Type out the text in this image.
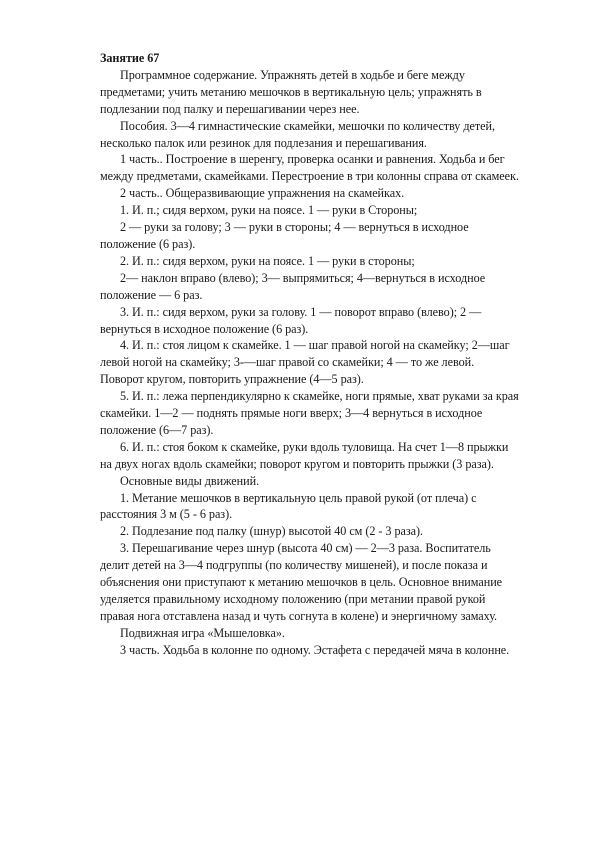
Занятие 67

Программное содержание. Упражнять детей в ходьбе и беге между предметами; учить метанию мешочков в вертикальную цель; упражнять в подлезании под палку и перешагивании через нее.

Пособия. 3—4 гимнастические скамейки, мешочки по количеству детей, несколько палок или резинок для подлезания и перешагивания.

1 часть.. Построение в шеренгу, проверка осанки и равнения. Ходьба и бег между предметами, скамейками. Перестроение в три колонны справа от скамеек.

2 часть.. Общеразвивающие упражнения на скамейках.

1. И. п.; сидя верхом, руки на поясе. 1 — руки в Стороны;

2 — руки за голову; 3 — руки в стороны; 4 — вернуться в исходное положение (6 раз).

2. И. п.: сидя верхом, руки на поясе. 1 — руки в стороны;

2— наклон вправо (влево); 3— выпрямиться; 4—вернуться в исходное положение — 6 раз.

3. И. п.: сидя верхом, руки за голову. 1 — поворот вправо (влево); 2 — вернуться в исходное положение (6 раз).

4. И. п.: стоя лицом к скамейке. 1 — шаг правой ногой на скамейку; 2—шаг левой ногой на скамейку; 3-—шаг правой со скамейки; 4 — то же левой. Поворот кругом, повторить упражнение (4—5 раз).

5. И. п.: лежа перпендикулярно к скамейке, ноги прямые, хват руками за края скамейки. 1—2 — поднять прямые ноги вверх; 3—4 вернуться в исходное положение (6—7 раз).

6. И. п.: стоя боком к скамейке, руки вдоль туловища. На счет 1—8 прыжки на двух ногах вдоль скамейки; поворот кругом и повторить прыжки (3 раза).

Основные виды движений.

1. Метание мешочков в вертикальную цель правой рукой (от плеча) с расстояния 3 м (5 - 6 раз).

2. Подлезание под палку (шнур) высотой 40 см (2 - 3 раза).

3. Перешагивание через шнур (высота 40 см) — 2—3 раза. Воспитатель делит детей на 3—4 подгруппы (по количеству мишеней), и после показа и объяснения они приступают к метанию мешочков в цель. Основное внимание уделяется правильному исходному положению (при метании правой рукой правая нога отставлена назад и чуть согнута в колене) и энергичному замаху.

Подвижная игра «Мышеловка».

3 часть. Ходьба в колонне по одному. Эстафета с передачей мяча в колонне.
